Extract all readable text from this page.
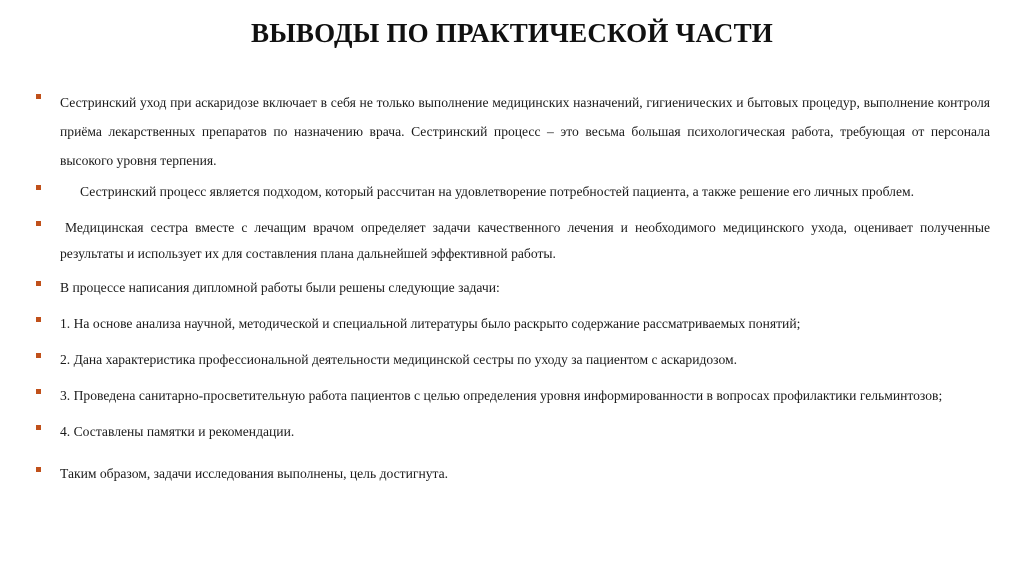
ВЫВОДЫ ПО ПРАКТИЧЕСКОЙ ЧАСТИ
Сестринский уход при аскаридозе включает в себя не только выполнение медицинских назначений, гигиенических и бытовых процедур, выполнение контроля приёма лекарственных препаратов по назначению врача. Сестринский процесс – это весьма большая психологическая работа, требующая от персонала высокого уровня терпения.
Сестринский процесс является подходом, который рассчитан на удовлетворение потребностей пациента, а также решение его личных проблем.
Медицинская сестра вместе с лечащим врачом определяет задачи качественного лечения и необходимого медицинского ухода, оценивает полученные результаты и использует их для составления плана дальнейшей эффективной работы.
В процессе написания дипломной работы были решены следующие задачи:
1. На основе анализа научной, методической и специальной литературы было раскрыто содержание рассматриваемых понятий;
2. Дана характеристика профессиональной деятельности медицинской сестры по уходу за пациентом с аскаридозом.
3. Проведена санитарно-просветительную работа пациентов с целью определения уровня информированности в вопросах профилактики гельминтозов;
4. Составлены памятки и рекомендации.
Таким образом, задачи исследования выполнены, цель достигнута.
